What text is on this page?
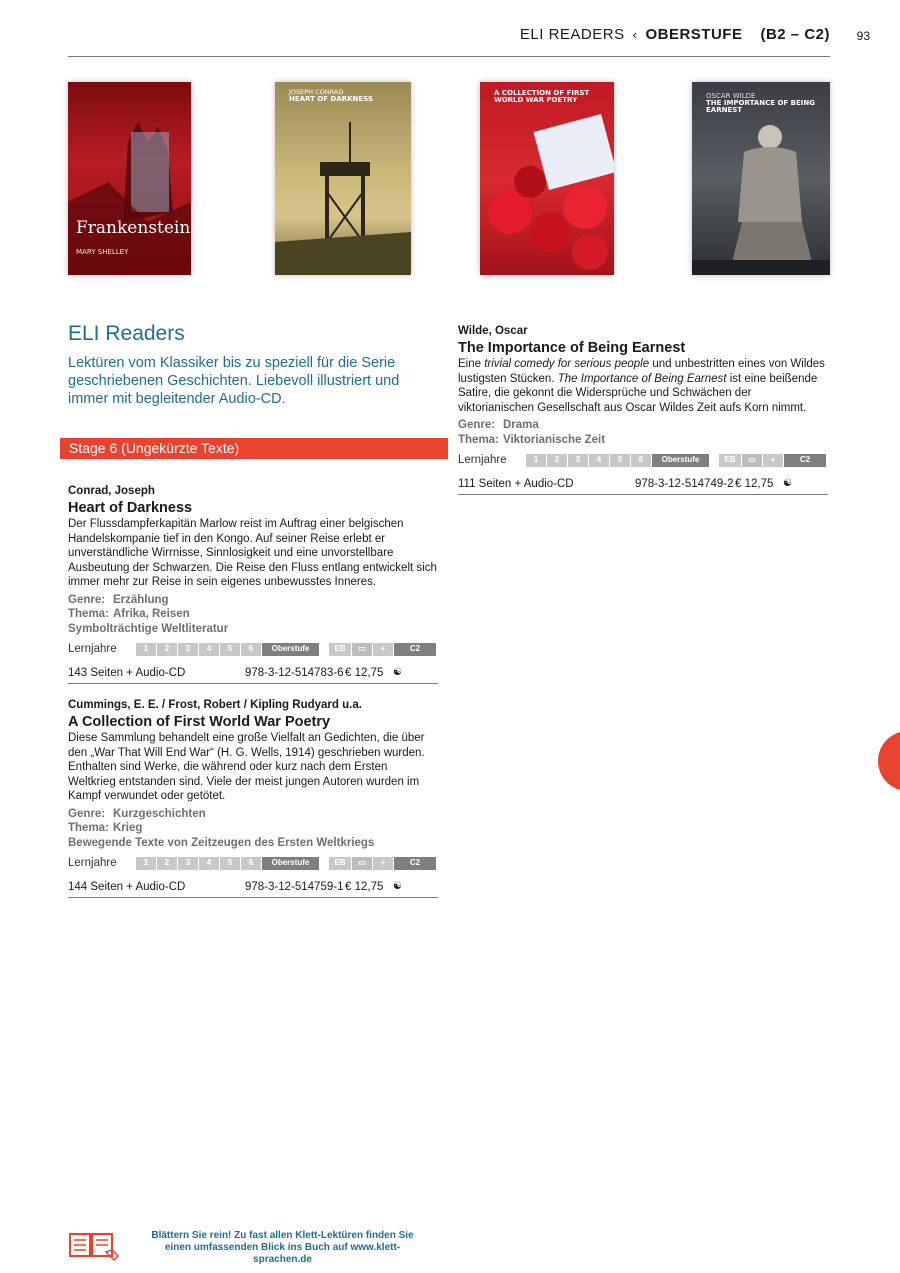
ELI READERS ‹ OBERSTUFE (B2 – C2) 93
Frankenstein
MARY SHELLEY
JOSEPH CONRAD
HEART OF DARKNESS
A COLLECTION OF FIRST WORLD WAR POETRY
OSCAR WILDE
THE IMPORTANCE OF BEING EARNEST
ELI Readers
Lektüren vom Klassiker bis zu speziell für die Serie geschriebenen Geschichten. Liebevoll illustriert und immer mit begleitender Audio-CD.
Stage 6 (Ungekürzte Texte)
Conrad, Joseph
Heart of Darkness

Der Flussdampferkapitän Marlow reist im Auftrag einer belgischen Handelskompanie tief in den Kongo. Auf seiner Reise erlebt er unverständliche Wirrnisse, Sinnlosigkeit und eine unvorstellbare Ausbeutung der Schwarzen. Die Reise den Fluss entlang entwickelt sich immer mehr zur Reise in sein eigenes unbewusstes Inneres.

Genre: Erzählung
Thema: Afrika, Reisen
Symbolträchtige Weltliteratur
Lernjahre	1	2	3	4	5	6	Oberstufe	EB	▭	+	C2
143 Seiten + Audio-CD	978-3-12-514783-6 € 12,75 ☯
Cummings, E. E. / Frost, Robert / Kipling Rudyard u.a.
A Collection of First World War Poetry

Diese Sammlung behandelt eine große Vielfalt an Gedichten, die über den „War That Will End War“ (H. G. Wells, 1914) geschrieben wurden. Enthalten sind Werke, die während oder kurz nach dem Ersten Weltkrieg entstanden sind. Viele der meist jungen Autoren wurden im Kampf verwundet oder getötet.

Genre: Kurzgeschichten
Thema: Krieg
Bewegende Texte von Zeitzeugen des Ersten Weltkriegs
Lernjahre	1	2	3	4	5	6	Oberstufe	EB	▭	+	C2
144 Seiten + Audio-CD	978-3-12-514759-1 € 12,75 ☯
Wilde, Oscar
The Importance of Being Earnest

Eine trivial comedy for serious people und unbestritten eines von Wildes lustigsten Stücken. The Importance of Being Earnest ist eine beißende Satire, die gekonnt die Widersprüche und Schwächen der viktorianischen Gesellschaft aus Oscar Wildes Zeit aufs Korn nimmt.

Genre: Drama
Thema: Viktorianische Zeit
Lernjahre	1	2	3	4	5	6	Oberstufe	EB	▭	+	C2
111 Seiten + Audio-CD	978-3-12-514749-2 € 12,75 ☯
Blättern Sie rein! Zu fast allen Klett-Lektüren finden Sie einen umfassenden Blick ins Buch auf www.klett-sprachen.de
